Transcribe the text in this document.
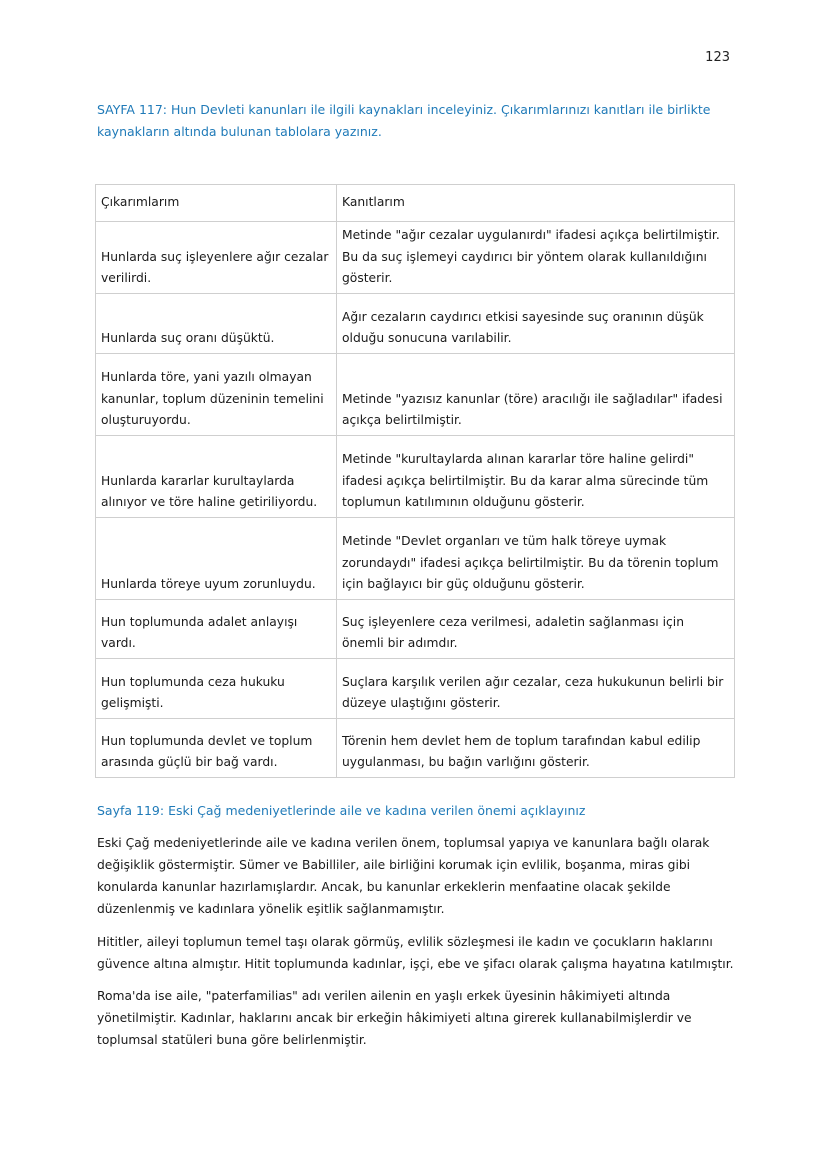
123
SAYFA 117: Hun Devleti kanunları ile ilgili kaynakları inceleyiniz. Çıkarımlarınızı kanıtları ile birlikte kaynakların altında bulunan tablolara yazınız.
Çıkarımlarım	Kanıtlarım
Hunlarda suç işleyenlere ağır cezalar verilirdi.	Metinde "ağır cezalar uygulanırdı" ifadesi açıkça belirtilmiştir. Bu da suç işlemeyi caydırıcı bir yöntem olarak kullanıldığını gösterir.
Hunlarda suç oranı düşüktü.	Ağır cezaların caydırıcı etkisi sayesinde suç oranının düşük olduğu sonucuna varılabilir.
Hunlarda töre, yani yazılı olmayan kanunlar, toplum düzeninin temelini oluşturuyordu.	Metinde "yazısız kanunlar (töre) aracılığı ile sağladılar" ifadesi açıkça belirtilmiştir.
Hunlarda kararlar kurultaylarda alınıyor ve töre haline getiriliyordu.	Metinde "kurultaylarda alınan kararlar töre haline gelirdi" ifadesi açıkça belirtilmiştir. Bu da karar alma sürecinde tüm toplumun katılımının olduğunu gösterir.
Hunlarda töreye uyum zorunluydu.	Metinde "Devlet organları ve tüm halk töreye uymak zorundaydı" ifadesi açıkça belirtilmiştir. Bu da törenin toplum için bağlayıcı bir güç olduğunu gösterir.
Hun toplumunda adalet anlayışı vardı.	Suç işleyenlere ceza verilmesi, adaletin sağlanması için önemli bir adımdır.
Hun toplumunda ceza hukuku gelişmişti.	Suçlara karşılık verilen ağır cezalar, ceza hukukunun belirli bir düzeye ulaştığını gösterir.
Hun toplumunda devlet ve toplum arasında güçlü bir bağ vardı.	Törenin hem devlet hem de toplum tarafından kabul edilip uygulanması, bu bağın varlığını gösterir.
Sayfa 119: Eski Çağ medeniyetlerinde aile ve kadına verilen önemi açıklayınız

Eski Çağ medeniyetlerinde aile ve kadına verilen önem, toplumsal yapıya ve kanunlara bağlı olarak değişiklik göstermiştir. Sümer ve Babilliler, aile birliğini korumak için evlilik, boşanma, miras gibi konularda kanunlar hazırlamışlardır. Ancak, bu kanunlar erkeklerin menfaatine olacak şekilde düzenlenmiş ve kadınlara yönelik eşitlik sağlanmamıştır.

Hititler, aileyi toplumun temel taşı olarak görmüş, evlilik sözleşmesi ile kadın ve çocukların haklarını güvence altına almıştır. Hitit toplumunda kadınlar, işçi, ebe ve şifacı olarak çalışma hayatına katılmıştır.

Roma'da ise aile, "paterfamilias" adı verilen ailenin en yaşlı erkek üyesinin hâkimiyeti altında yönetilmiştir. Kadınlar, haklarını ancak bir erkeğin hâkimiyeti altına girerek kullanabilmişlerdir ve toplumsal statüleri buna göre belirlenmiştir.
